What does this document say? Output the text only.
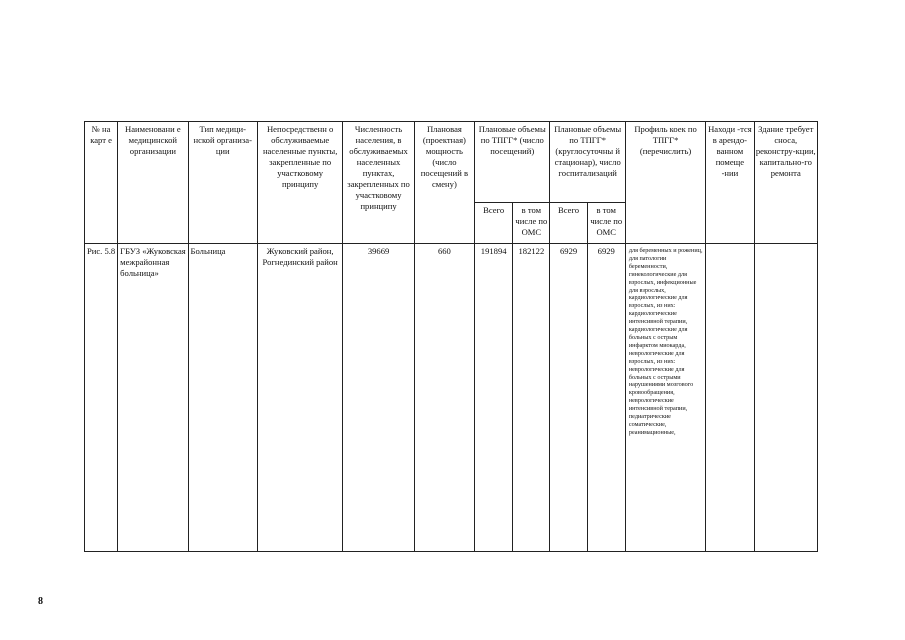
№ на карт е	Наименовани е медицинской организации	Тип медици-нской организа-ции	Непосредственн о обслуживаемые населенные пункты, закрепленные по участковому принципу	Численность населения, в обслуживаемых населенных пунктах, закрепленных по участковому принципу	Плановая (проектная) мощность (число посещений в смену)	Плановые объемы по ТПГГ* (число посещений)		Плановые объемы по ТПГГ* (круглосуточны й стационар), число госпитализаций		Профиль коек по ТПГГ* (перечислить)	Находи -тся в арендо-ванном помеще -нии	Здание требует сноса, реконстру-кции, капитально-го ремонта
						Всего	в том числе по ОМС	Всего	в том числе по ОМС			
Рис. 5.8	ГБУЗ «Жуковская межрайонная больница»	Больница	Жуковский район, Рогнединский район	39669	660	191894	182122	6929	6929	для беременных и рожениц, для патологии беременности, гинекологические для взрослых, инфекционные для взрослых, кардиологические для взрослых, из них: кардиологические интенсивной терапии, кардиологические для больных с острым инфарктом миокарда, неврологические для взрослых, из них: неврологические для больных с острыми нарушениями мозгового кровообращения, неврологические интенсивной терапии, педиатрические соматические, реанимационные,		
8
